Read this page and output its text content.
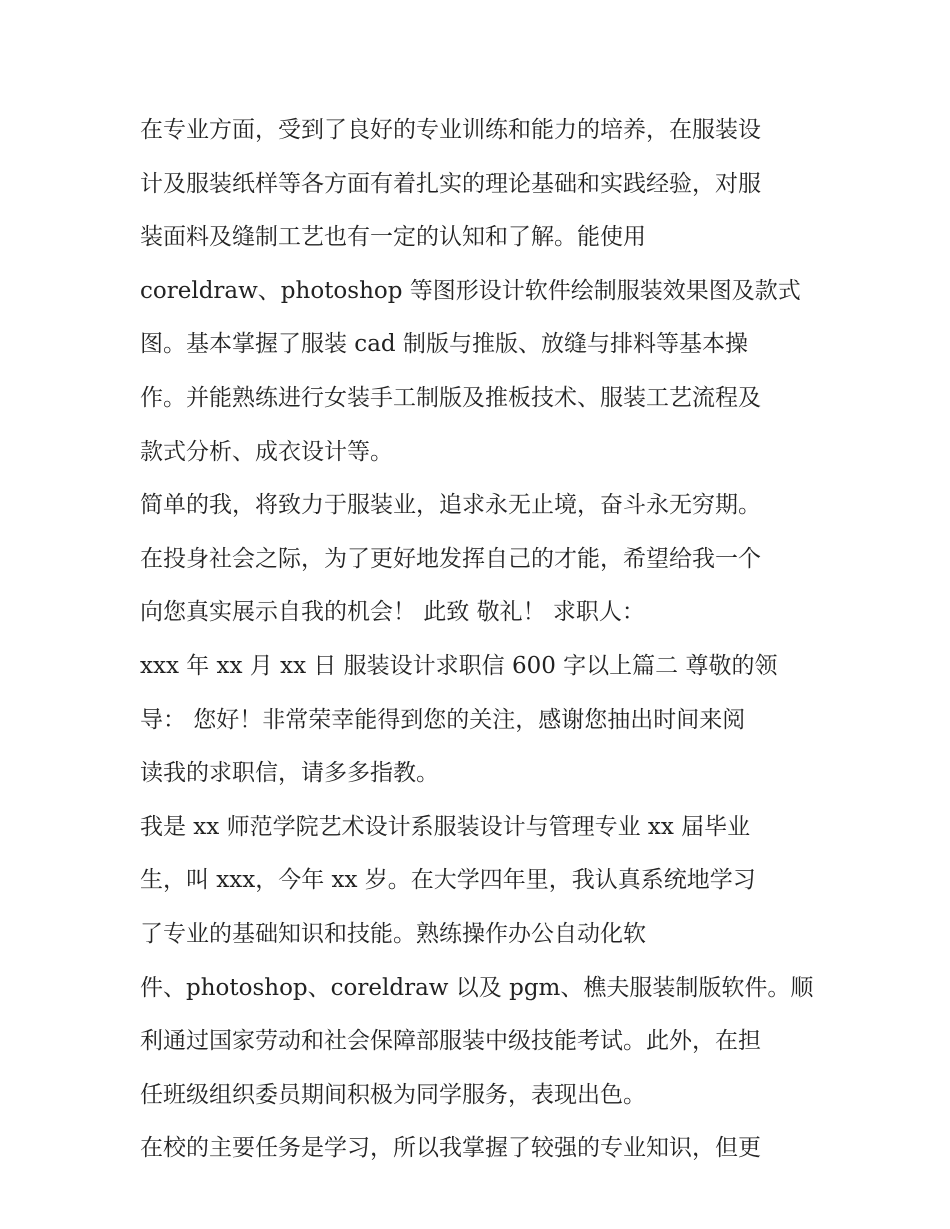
在专业方面，受到了良好的专业训练和能力的培养，在服装设
计及服装纸样等各方面有着扎实的理论基础和实践经验，对服
装面料及缝制工艺也有一定的认知和了解。能使用
coreldraw、photoshop 等图形设计软件绘制服装效果图及款式
图。基本掌握了服装 cad 制版与推版、放缝与排料等基本操
作。并能熟练进行女装手工制版及推板技术、服装工艺流程及
款式分析、成衣设计等。
简单的我，将致力于服装业，追求永无止境，奋斗永无穷期。
在投身社会之际，为了更好地发挥自己的才能，希望给我一个
向您真实展示自我的机会！ 此致 敬礼！ 求职人：
xxx 年 xx 月 xx 日 服装设计求职信 600 字以上篇二 尊敬的领
导： 您好！非常荣幸能得到您的关注，感谢您抽出时间来阅
读我的求职信，请多多指教。
我是 xx 师范学院艺术设计系服装设计与管理专业 xx 届毕业
生，叫 xxx，今年 xx 岁。在大学四年里，我认真系统地学习
了专业的基础知识和技能。熟练操作办公自动化软
件、photoshop、coreldraw 以及 pgm、樵夫服装制版软件。顺
利通过国家劳动和社会保障部服装中级技能考试。此外，在担
任班级组织委员期间积极为同学服务，表现出色。
在校的主要任务是学习，所以我掌握了较强的专业知识，但更
